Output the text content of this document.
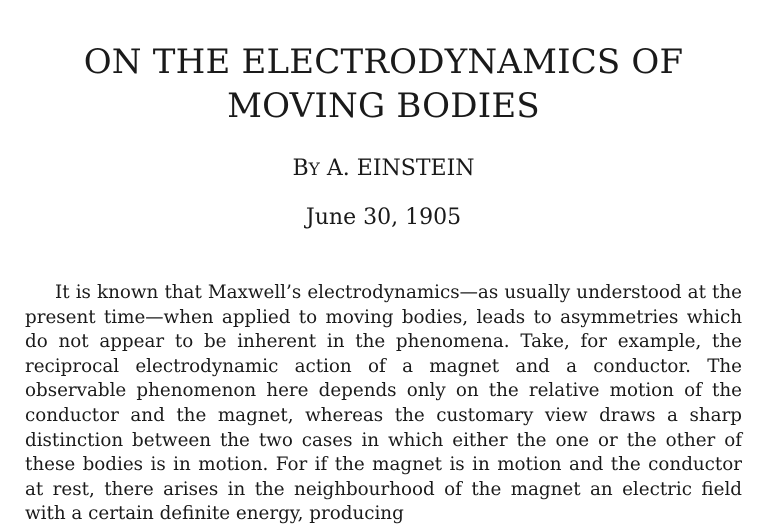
ON THE ELECTRODYNAMICS OF MOVING BODIES
BY A. EINSTEIN
June 30, 1905

It is known that Maxwell’s electrodynamics—as usually understood at the present time—when applied to moving bodies, leads to asymmetries which do not appear to be inherent in the phenomena. Take, for example, the reciprocal electrodynamic action of a magnet and a conductor. The observable phenomenon here depends only on the relative motion of the conductor and the magnet, whereas the customary view draws a sharp distinction between the two cases in which either the one or the other of these bodies is in motion. For if the magnet is in motion and the conductor at rest, there arises in the neighbourhood of the magnet an electric field with a certain definite energy, producing
